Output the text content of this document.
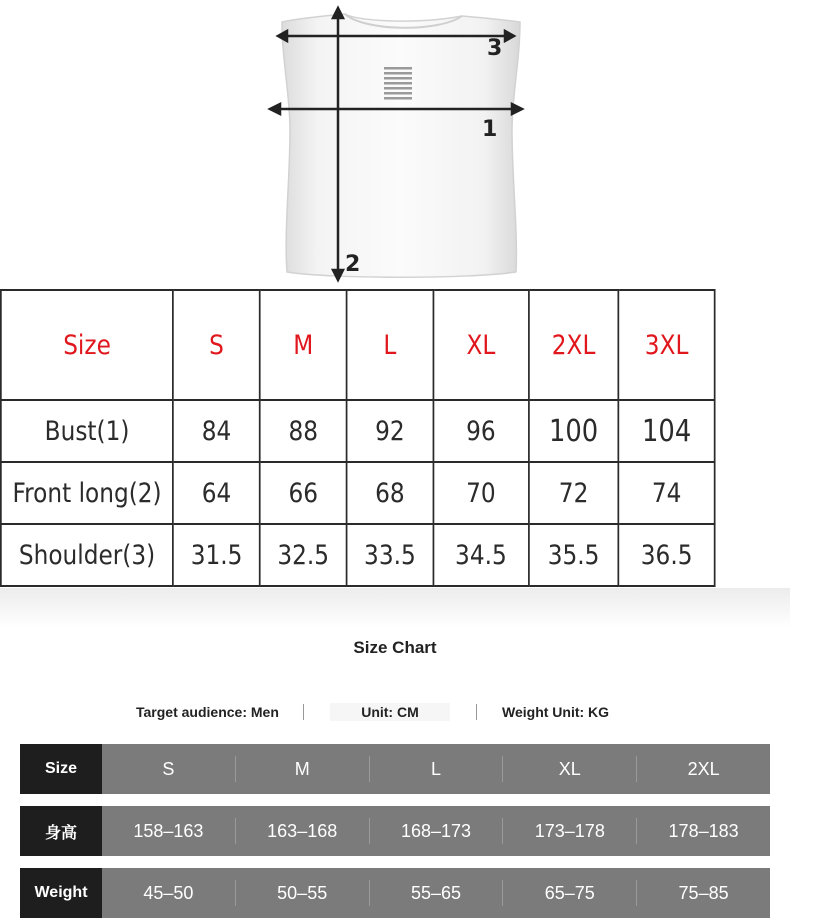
3
1
2
Size	S	M	L	XL	2XL	3XL
Bust(1)	84	88	92	96	100	104
Front long(2)	64	66	68	70	72	74
Shoulder(3)	31.5	32.5	33.5	34.5	35.5	36.5
Size Chart
Target audience: Men	Unit: CM	Weight Unit: KG
Size	S	M	L	XL	2XL
身高	158–163	163–168	168–173	173–178	178–183
Weight	45–50	50–55	55–65	65–75	75–85
